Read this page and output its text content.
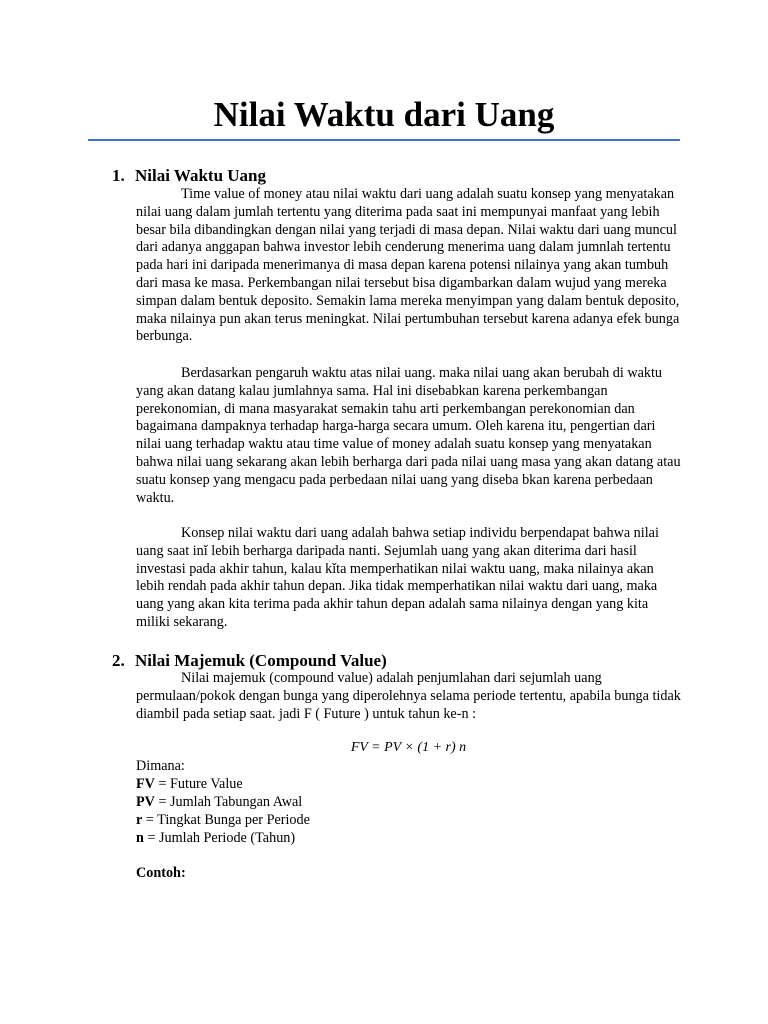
Nilai Waktu dari Uang
1. Nilai Waktu Uang

Time value of money atau nilai waktu dari uang adalah suatu konsep yang menyatakan nilai uang dalam jumlah tertentu yang diterima pada saat ini mempunyai manfaat yang lebih besar bila dibandingkan dengan nilai yang terjadi di masa depan. Nilai waktu dari uang muncul dari adanya anggapan bahwa investor lebih cenderung menerima uang dalam jumnlah tertentu pada hari ini daripada menerimanya di masa depan karena potensi nilainya yang akan tumbuh dari masa ke masa. Perkembangan nilai tersebut bisa digambarkan dalam wujud yang mereka simpan dalam bentuk deposito. Semakin lama mereka menyimpan yang dalam bentuk deposito, maka nilainya pun akan terus meningkat. Nilai pertumbuhan tersebut karena adanya efek bunga berbunga.

Berdasarkan pengaruh waktu atas nilai uang. maka nilai uang akan berubah di waktu yang akan datang kalau jumlahnya sama. Hal ini disebabkan karena perkembangan perekonomian, di mana masyarakat semakin tahu arti perkembangan perekonomian dan bagaimana dampaknya terhadap harga-harga secara umum. Oleh karena itu, pengertian dari nilai uang terhadap waktu atau time value of money adalah suatu konsep yang menyatakan bahwa nilai uang sekarang akan lebih berharga dari pada nilai uang masa yang akan datang atau suatu konsep yang mengacu pada perbedaan nilai uang yang diseba bkan karena perbedaan waktu.

Konsep nilai waktu dari uang adalah bahwa setiap individu berpendapat bahwa nilai uang saat inǐ lebih berharga daripada nanti. Sejumlah uang yang akan diterima dari hasil investasi pada akhir tahun, kalau kǐta memperhatikan nilai waktu uang, maka nilainya akan lebih rendah pada akhir tahun depan. Jika tidak memperhatikan nilai waktu dari uang, maka uang yang akan kita terima pada akhir tahun depan adalah sama nilainya dengan yang kita miliki sekarang.

2. Nilai Majemuk (Compound Value)

Nilai majemuk (compound value) adalah penjumlahan dari sejumlah uang permulaan/pokok dengan bunga yang diperolehnya selama periode tertentu, apabila bunga tidak diambil pada setiap saat. jadi F ( Future ) untuk tahun ke-n :

FV = PV × (1 + r) n

Dimana:
FV = Future Value
PV = Jumlah Tabungan Awal
r = Tingkat Bunga per Periode
n = Jumlah Periode (Tahun)

Contoh:
